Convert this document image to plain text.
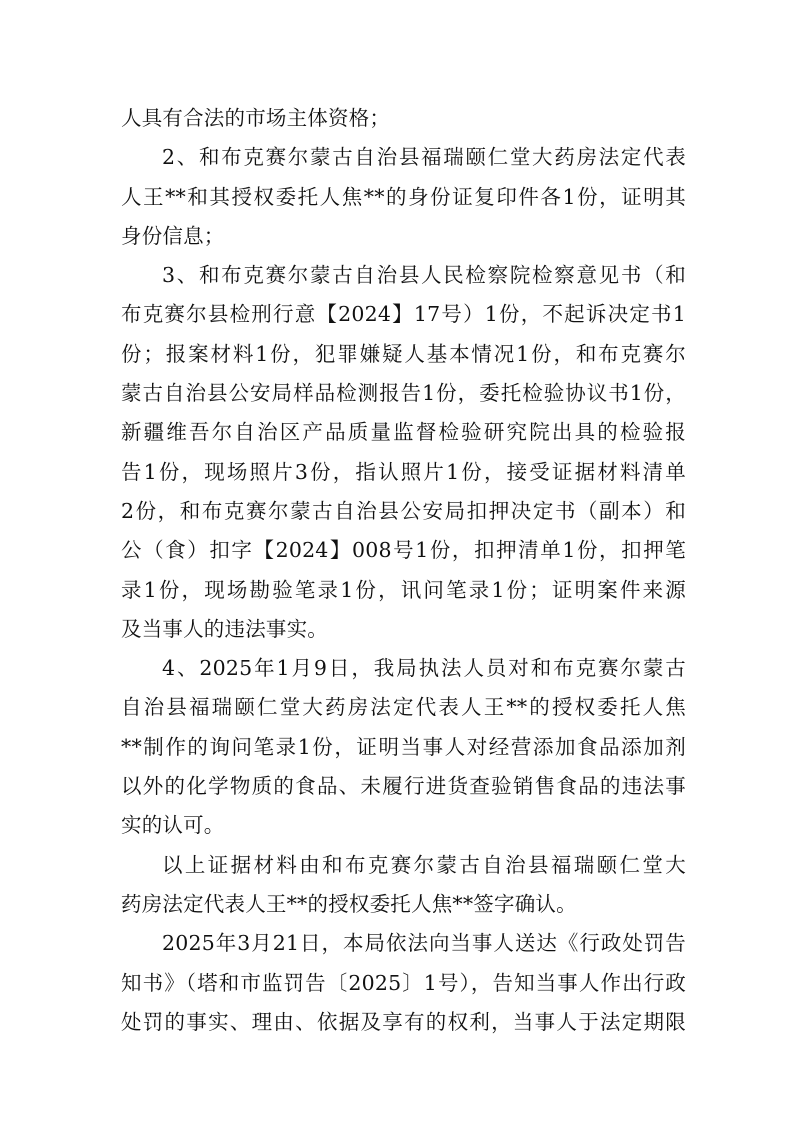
人具有合法的市场主体资格；
2、和布克赛尔蒙古自治县福瑞颐仁堂大药房法定代表
人王**和其授权委托人焦**的身份证复印件各1份，证明其
身份信息；
3、和布克赛尔蒙古自治县人民检察院检察意见书（和
布克赛尔县检刑行意【2024】17号）1份，不起诉决定书1
份；报案材料1份，犯罪嫌疑人基本情况1份，和布克赛尔
蒙古自治县公安局样品检测报告1份，委托检验协议书1份，
新疆维吾尔自治区产品质量监督检验研究院出具的检验报
告1份，现场照片3份，指认照片1份，接受证据材料清单
2份，和布克赛尔蒙古自治县公安局扣押决定书（副本）和
公（食）扣字【2024】008号1份，扣押清单1份，扣押笔
录1份，现场勘验笔录1份，讯问笔录1份；证明案件来源
及当事人的违法事实。
4、2025年1月9日，我局执法人员对和布克赛尔蒙古
自治县福瑞颐仁堂大药房法定代表人王**的授权委托人焦
**制作的询问笔录1份，证明当事人对经营添加食品添加剂
以外的化学物质的食品、未履行进货查验销售食品的违法事
实的认可。
以上证据材料由和布克赛尔蒙古自治县福瑞颐仁堂大
药房法定代表人王**的授权委托人焦**签字确认。
2025年3月21日，本局依法向当事人送达《行政处罚告
知书》（塔和市监罚告〔2025〕1号），告知当事人作出行政
处罚的事实、理由、依据及享有的权利，当事人于法定期限
